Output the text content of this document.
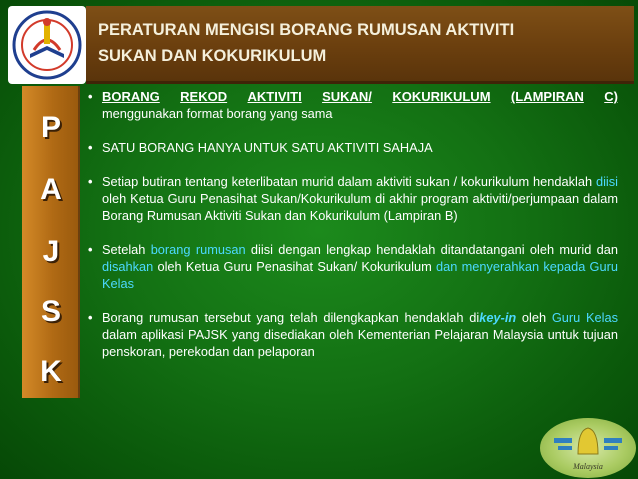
PERATURAN MENGISI BORANG RUMUSAN AKTIVITI
SUKAN DAN KOKURIKULUM
P
A
J
S
K
• BORANG REKOD AKTIVITI SUKAN/ KOKURIKULUM (LAMPIRAN C)
menggunakan format borang yang sama
• SATU BORANG HANYA UNTUK SATU AKTIVITI SAHAJA
• Setiap butiran tentang keterlibatan murid dalam aktiviti sukan / kokurikulum hendaklah diisi oleh Ketua Guru Penasihat Sukan/Kokurikulum di akhir program aktiviti/perjumpaan dalam Borang Rumusan Aktiviti Sukan dan Kokurikulum (Lampiran B)
• Setelah borang rumusan diisi dengan lengkap hendaklah ditandatangani oleh murid dan disahkan oleh Ketua Guru Penasihat Sukan/ Kokurikulum dan menyerahkan kepada Guru Kelas
• Borang rumusan tersebut yang telah dilengkapkan hendaklah dikey-in oleh Guru Kelas dalam aplikasi PAJSK yang disediakan oleh Kementerian Pelajaran Malaysia untuk tujuan penskoran, perekodan dan pelaporan
Malaysia
